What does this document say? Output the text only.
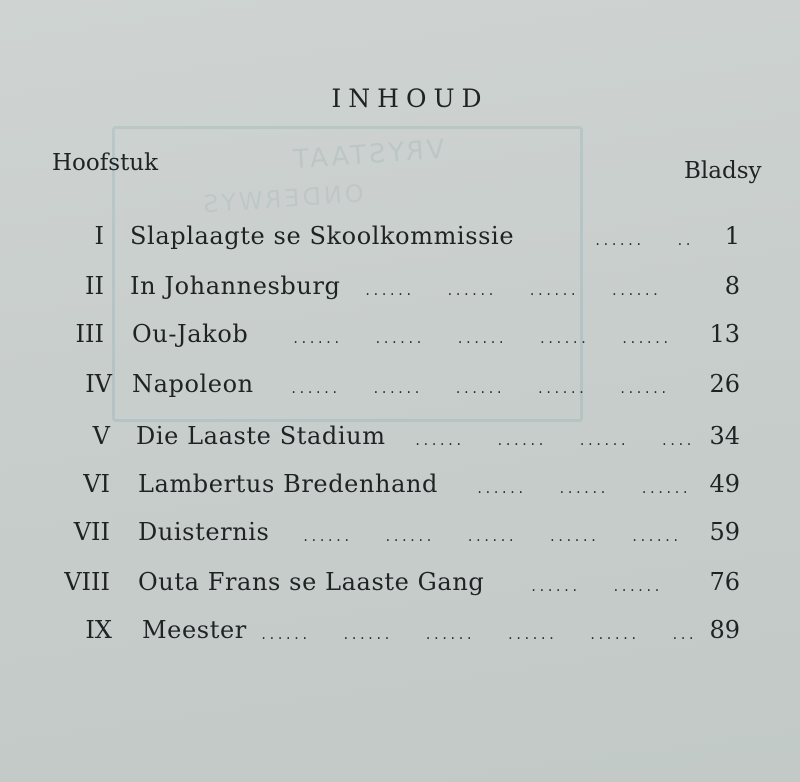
VRYSTAAT
ONDERWYS
INHOUD
Hoofstuk	Bladsy
I Slaplaagte se Skoolkommissie .....	1
II In Johannesburg .....	8
III Ou-Jakob .....	13
IV Napoleon .....	26
V Die Laaste Stadium .....	34
VI Lambertus Bredenhand .....	49
VII Duisternis .....	59
VIII Outa Frans se Laaste Gang .....	76
IX Meester .....	89
